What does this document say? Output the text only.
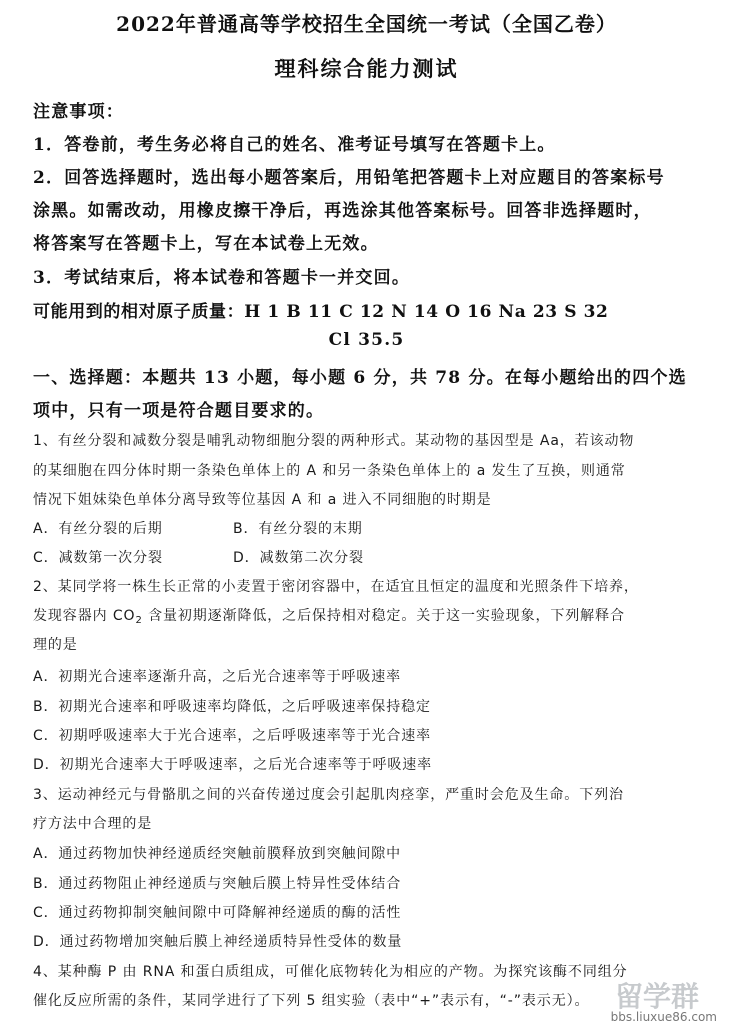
2022年普通高等学校招生全国统一考试（全国乙卷）
理科综合能力测试
注意事项：
1．答卷前，考生务必将自己的姓名、准考证号填写在答题卡上。
2．回答选择题时，选出每小题答案后，用铅笔把答题卡上对应题目的答案标号
涂黑。如需改动，用橡皮擦干净后，再选涂其他答案标号。回答非选择题时，
将答案写在答题卡上，写在本试卷上无效。
3．考试结束后，将本试卷和答题卡一并交回。
可能用到的相对原子质量：H 1 B 11 C 12 N 14 O 16 Na 23 S 32
Cl 35.5
一、选择题：本题共 13 小题，每小题 6 分，共 78 分。在每小题给出的四个选
项中，只有一项是符合题目要求的。
1、有丝分裂和减数分裂是哺乳动物细胞分裂的两种形式。某动物的基因型是 Aa，若该动物
的某细胞在四分体时期一条染色单体上的 A 和另一条染色单体上的 a 发生了互换，则通常
情况下姐妹染色单体分离导致等位基因 A 和 a 进入不同细胞的时期是
A．有丝分裂的后期	B．有丝分裂的末期
C．减数第一次分裂	D．减数第二次分裂
2、某同学将一株生长正常的小麦置于密闭容器中，在适宜且恒定的温度和光照条件下培养，
发现容器内 $CO_2$ 含量初期逐渐降低，之后保持相对稳定。关于这一实验现象，下列解释合
理的是
A．初期光合速率逐渐升高，之后光合速率等于呼吸速率
B．初期光合速率和呼吸速率均降低，之后呼吸速率保持稳定
C．初期呼吸速率大于光合速率，之后呼吸速率等于光合速率
D．初期光合速率大于呼吸速率，之后光合速率等于呼吸速率
3、运动神经元与骨骼肌之间的兴奋传递过度会引起肌肉痉挛，严重时会危及生命。下列治
疗方法中合理的是
A．通过药物加快神经递质经突触前膜释放到突触间隙中
B．通过药物阻止神经递质与突触后膜上特异性受体结合
C．通过药物抑制突触间隙中可降解神经递质的酶的活性
D．通过药物增加突触后膜上神经递质特异性受体的数量
4、某种酶 P 由 RNA 和蛋白质组成，可催化底物转化为相应的产物。为探究该酶不同组分
催化反应所需的条件，某同学进行了下列 5 组实验（表中“+”表示有，“-”表示无）。 留学群
bbs.liuxue86.com
